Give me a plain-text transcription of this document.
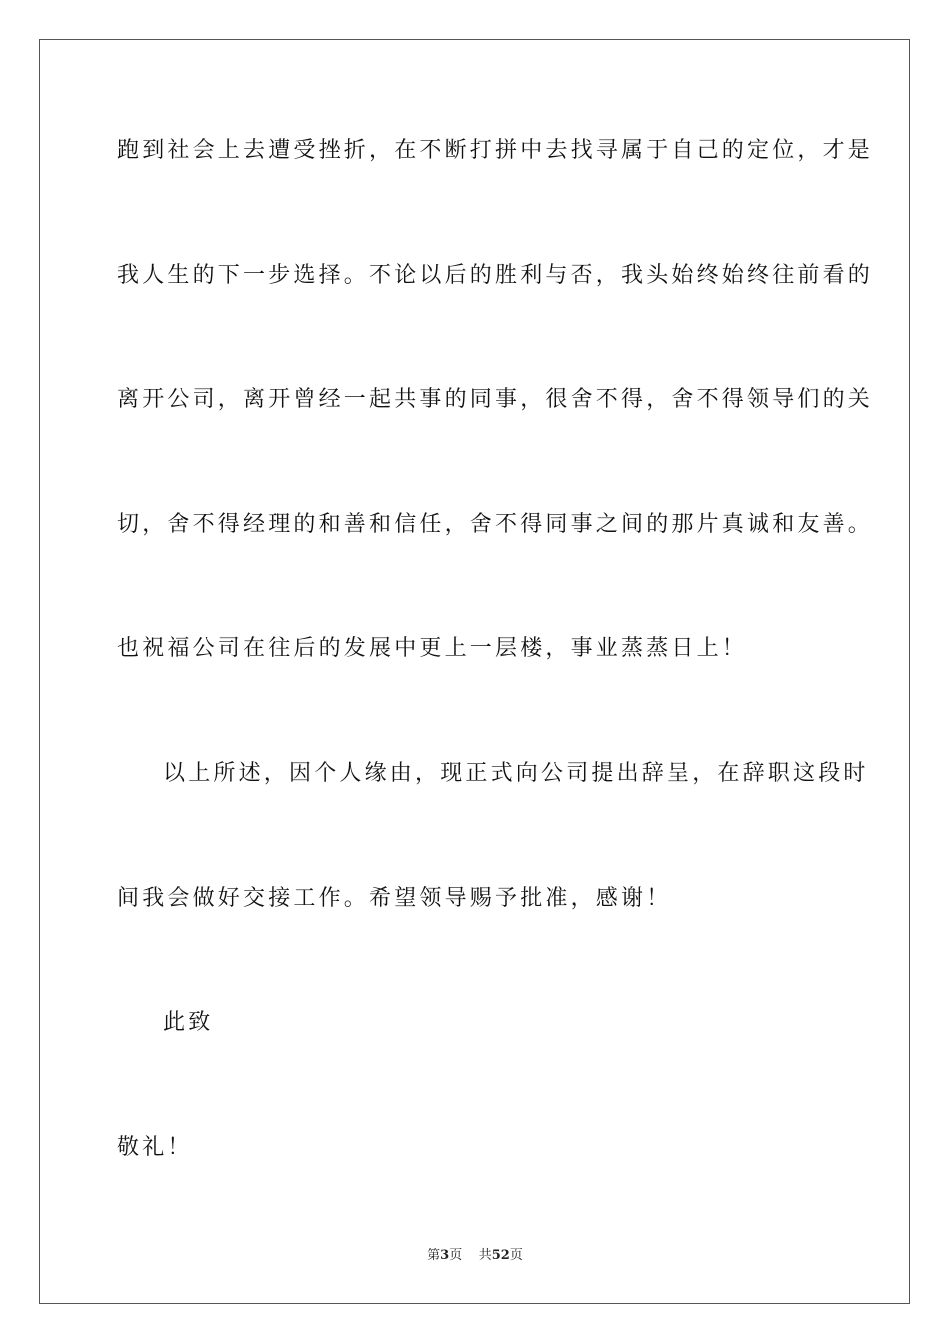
跑到社会上去遭受挫折，在不断打拼中去找寻属于自己的定位，才是
我人生的下一步选择。不论以后的胜利与否，我头始终始终往前看的
离开公司，离开曾经一起共事的同事，很舍不得，舍不得领导们的关
切，舍不得经理的和善和信任，舍不得同事之间的那片真诚和友善。
也祝福公司在往后的发展中更上一层楼，事业蒸蒸日上！
以上所述，因个人缘由，现正式向公司提出辞呈，在辞职这段时
间我会做好交接工作。希望领导赐予批准，感谢！
此致
敬礼！
第3页 共52页
